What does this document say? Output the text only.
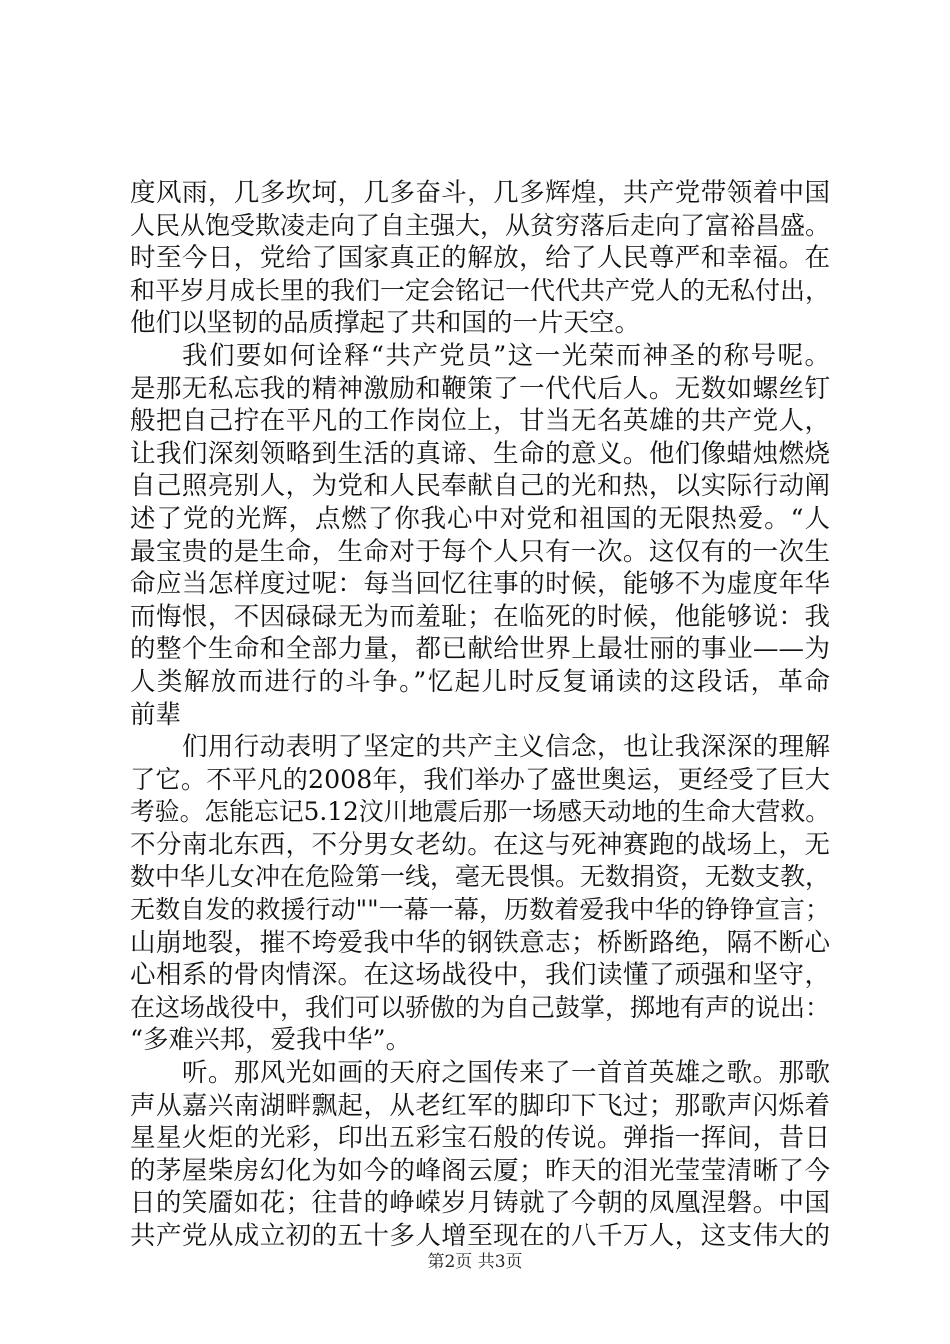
度风雨，几多坎坷，几多奋斗，几多辉煌，共产党带领着中国
人民从饱受欺凌走向了自主强大，从贫穷落后走向了富裕昌盛。
时至今日，党给了国家真正的解放，给了人民尊严和幸福。在
和平岁月成长里的我们一定会铭记一代代共产党人的无私付出，
他们以坚韧的品质撑起了共和国的一片天空。
我们要如何诠释“共产党员”这一光荣而神圣的称号呢。
是那无私忘我的精神激励和鞭策了一代代后人。无数如螺丝钉
般把自己拧在平凡的工作岗位上，甘当无名英雄的共产党人，
让我们深刻领略到生活的真谛、生命的意义。他们像蜡烛燃烧
自己照亮别人，为党和人民奉献自己的光和热，以实际行动阐
述了党的光辉，点燃了你我心中对党和祖国的无限热爱。“人
最宝贵的是生命，生命对于每个人只有一次。这仅有的一次生
命应当怎样度过呢：每当回忆往事的时候，能够不为虚度年华
而悔恨，不因碌碌无为而羞耻；在临死的时候，他能够说：我
的整个生命和全部力量，都已献给世界上最壮丽的事业——为
人类解放而进行的斗争。”忆起儿时反复诵读的这段话，革命
前辈
们用行动表明了坚定的共产主义信念，也让我深深的理解
了它。不平凡的2008年，我们举办了盛世奥运，更经受了巨大
考验。怎能忘记5.12汶川地震后那一场感天动地的生命大营救。
不分南北东西，不分男女老幼。在这与死神赛跑的战场上，无
数中华儿女冲在危险第一线，毫无畏惧。无数捐资，无数支教，
无数自发的救援行动""一幕一幕，历数着爱我中华的铮铮宣言；
山崩地裂，摧不垮爱我中华的钢铁意志；桥断路绝，隔不断心
心相系的骨肉情深。在这场战役中，我们读懂了顽强和坚守，
在这场战役中，我们可以骄傲的为自己鼓掌，掷地有声的说出：
“多难兴邦，爱我中华”。
听。那风光如画的天府之国传来了一首首英雄之歌。那歌
声从嘉兴南湖畔飘起，从老红军的脚印下飞过；那歌声闪烁着
星星火炬的光彩，印出五彩宝石般的传说。弹指一挥间，昔日
的茅屋柴房幻化为如今的峰阁云厦；昨天的泪光莹莹清晰了今
日的笑靥如花；往昔的峥嵘岁月铸就了今朝的凤凰涅磐。中国
共产党从成立初的五十多人增至现在的八千万人，这支伟大的
第2页 共3页
